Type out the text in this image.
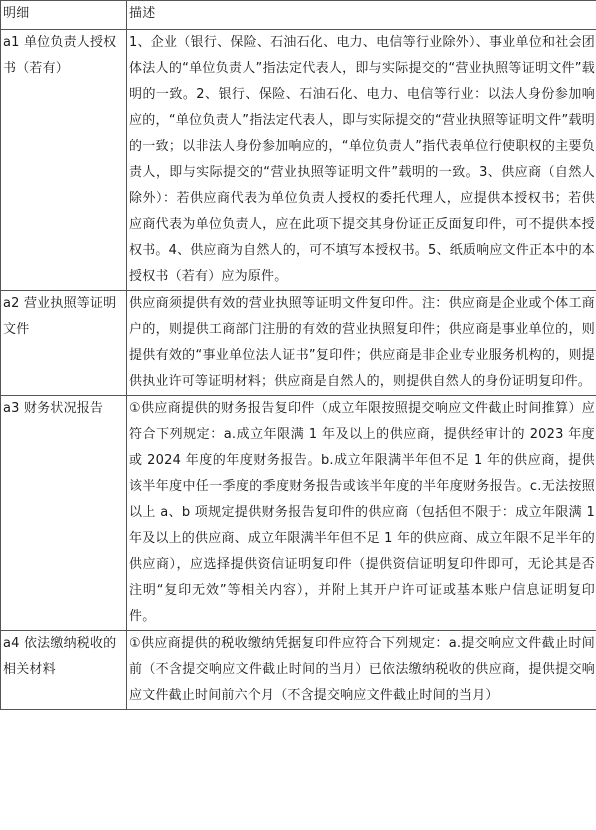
明细	描述
a1 单位负责人授权书（若有）	1、企业（银行、保险、石油石化、电力、电信等行业除外）、事业单位和社会团体法人的“单位负责人”指法定代表人，即与实际提交的“营业执照等证明文件”载明的一致。2、银行、保险、石油石化、电力、电信等行业：以法人身份参加响应的，“单位负责人”指法定代表人，即与实际提交的“营业执照等证明文件”载明的一致；以非法人身份参加响应的，“单位负责人”指代表单位行使职权的主要负责人，即与实际提交的“营业执照等证明文件”载明的一致。3、供应商（自然人除外）：若供应商代表为单位负责人授权的委托代理人，应提供本授权书；若供应商代表为单位负责人，应在此项下提交其身份证正反面复印件，可不提供本授权书。4、供应商为自然人的，可不填写本授权书。5、纸质响应文件正本中的本授权书（若有）应为原件。
a2 营业执照等证明文件	供应商须提供有效的营业执照等证明文件复印件。注：供应商是企业或个体工商户的，则提供工商部门注册的有效的营业执照复印件；供应商是事业单位的，则提供有效的“事业单位法人证书”复印件；供应商是非企业专业服务机构的，则提供执业许可等证明材料；供应商是自然人的，则提供自然人的身份证明复印件。
a3 财务状况报告	①供应商提供的财务报告复印件（成立年限按照提交响应文件截止时间推算）应符合下列规定：a.成立年限满 1 年及以上的供应商，提供经审计的 2023 年度或 2024 年度的年度财务报告。b.成立年限满半年但不足 1 年的供应商，提供该半年度中任一季度的季度财务报告或该半年度的半年度财务报告。c.无法按照以上 a、b 项规定提供财务报告复印件的供应商（包括但不限于：成立年限满 1 年及以上的供应商、成立年限满半年但不足 1 年的供应商、成立年限不足半年的供应商），应选择提供资信证明复印件（提供资信证明复印件即可，无论其是否注明“复印无效”等相关内容），并附上其开户许可证或基本账户信息证明复印件。
a4 依法缴纳税收的相关材料	①供应商提供的税收缴纳凭据复印件应符合下列规定：a.提交响应文件截止时间前（不含提交响应文件截止时间的当月）已依法缴纳税收的供应商，提供提交响应文件截止时间前六个月（不含提交响应文件截止时间的当月）
